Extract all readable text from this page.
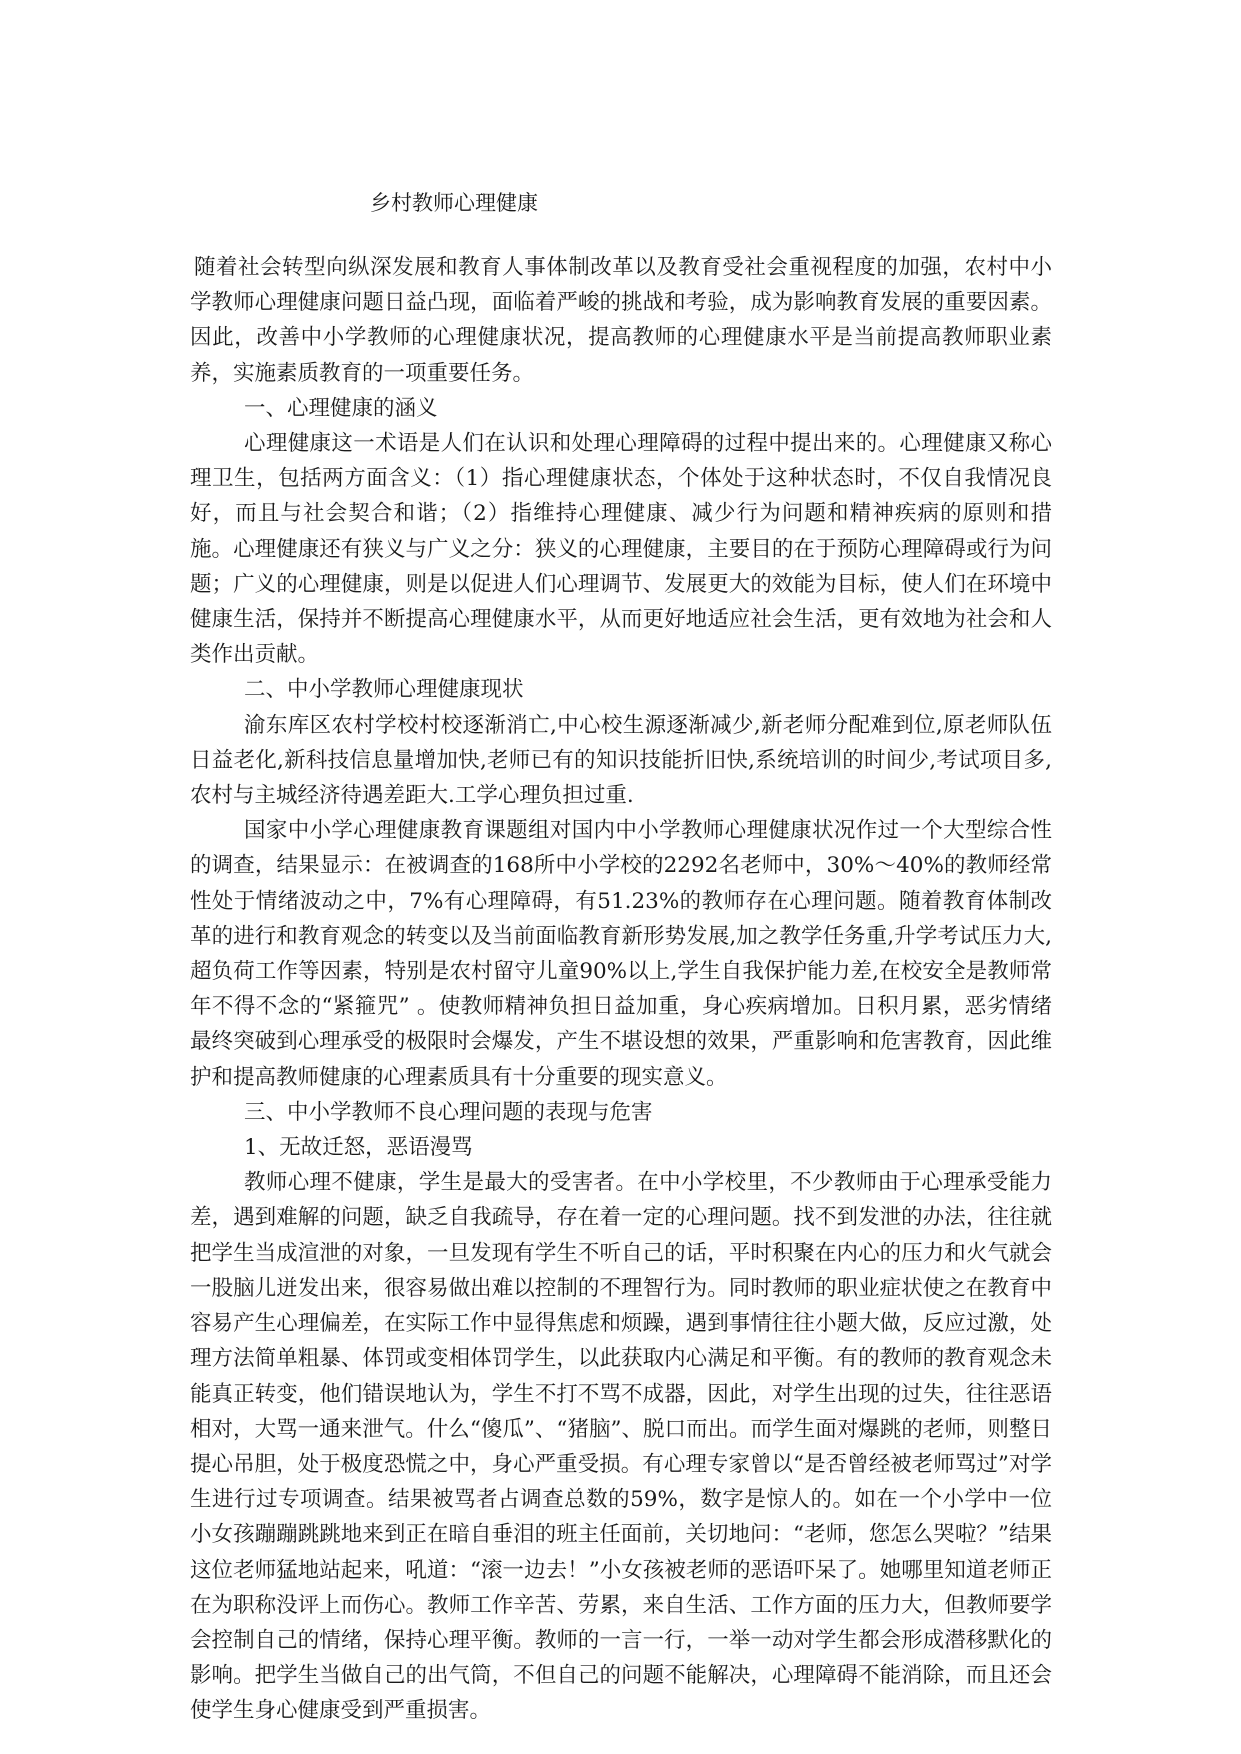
乡村教师心理健康

随着社会转型向纵深发展和教育人事体制改革以及教育受社会重视程度的加强，农村中小学教师心理健康问题日益凸现，面临着严峻的挑战和考验，成为影响教育发展的重要因素。因此，改善中小学教师的心理健康状况，提高教师的心理健康水平是当前提高教师职业素养，实施素质教育的一项重要任务。

一、心理健康的涵义

心理健康这一术语是人们在认识和处理心理障碍的过程中提出来的。心理健康又称心理卫生，包括两方面含义：（1）指心理健康状态，个体处于这种状态时，不仅自我情况良好，而且与社会契合和谐；（2）指维持心理健康、减少行为问题和精神疾病的原则和措施。心理健康还有狭义与广义之分：狭义的心理健康，主要目的在于预防心理障碍或行为问题；广义的心理健康，则是以促进人们心理调节、发展更大的效能为目标，使人们在环境中健康生活，保持并不断提高心理健康水平，从而更好地适应社会生活，更有效地为社会和人类作出贡献。

二、中小学教师心理健康现状

渝东库区农村学校村校逐渐消亡,中心校生源逐渐减少,新老师分配难到位,原老师队伍日益老化,新科技信息量增加快,老师已有的知识技能折旧快,系统培训的时间少,考试项目多,农村与主城经济待遇差距大.工学心理负担过重.

国家中小学心理健康教育课题组对国内中小学教师心理健康状况作过一个大型综合性的调查，结果显示：在被调查的168所中小学校的2292名老师中，30%～40%的教师经常性处于情绪波动之中，7%有心理障碍，有51.23%的教师存在心理问题。随着教育体制改革的进行和教育观念的转变以及当前面临教育新形势发展,加之教学任务重,升学考试压力大,超负荷工作等因素，特别是农村留守儿童90%以上,学生自我保护能力差,在校安全是教师常年不得不念的“紧箍咒” 。使教师精神负担日益加重，身心疾病增加。日积月累，恶劣情绪最终突破到心理承受的极限时会爆发，产生不堪设想的效果，严重影响和危害教育，因此维护和提高教师健康的心理素质具有十分重要的现实意义。

三、中小学教师不良心理问题的表现与危害

1、无故迁怒，恶语漫骂

教师心理不健康，学生是最大的受害者。在中小学校里，不少教师由于心理承受能力差，遇到难解的问题，缺乏自我疏导，存在着一定的心理问题。找不到发泄的办法，往往就把学生当成渲泄的对象，一旦发现有学生不听自己的话，平时积聚在内心的压力和火气就会一股脑儿迸发出来，很容易做出难以控制的不理智行为。同时教师的职业症状使之在教育中容易产生心理偏差，在实际工作中显得焦虑和烦躁，遇到事情往往小题大做，反应过激，处理方法简单粗暴、体罚或变相体罚学生，以此获取内心满足和平衡。有的教师的教育观念未能真正转变，他们错误地认为，学生不打不骂不成器，因此，对学生出现的过失，往往恶语相对，大骂一通来泄气。什么“傻瓜”、“猪脑”、脱口而出。而学生面对爆跳的老师，则整日提心吊胆，处于极度恐慌之中，身心严重受损。有心理专家曾以“是否曾经被老师骂过”对学生进行过专项调查。结果被骂者占调查总数的59%，数字是惊人的。如在一个小学中一位小女孩蹦蹦跳跳地来到正在暗自垂泪的班主任面前，关切地问：“老师，您怎么哭啦？”结果这位老师猛地站起来，吼道：“滚一边去！”小女孩被老师的恶语吓呆了。她哪里知道老师正在为职称没评上而伤心。教师工作辛苦、劳累，来自生活、工作方面的压力大，但教师要学会控制自己的情绪，保持心理平衡。教师的一言一行，一举一动对学生都会形成潜移默化的影响。把学生当做自己的出气筒，不但自己的问题不能解决，心理障碍不能消除，而且还会使学生身心健康受到严重损害。
